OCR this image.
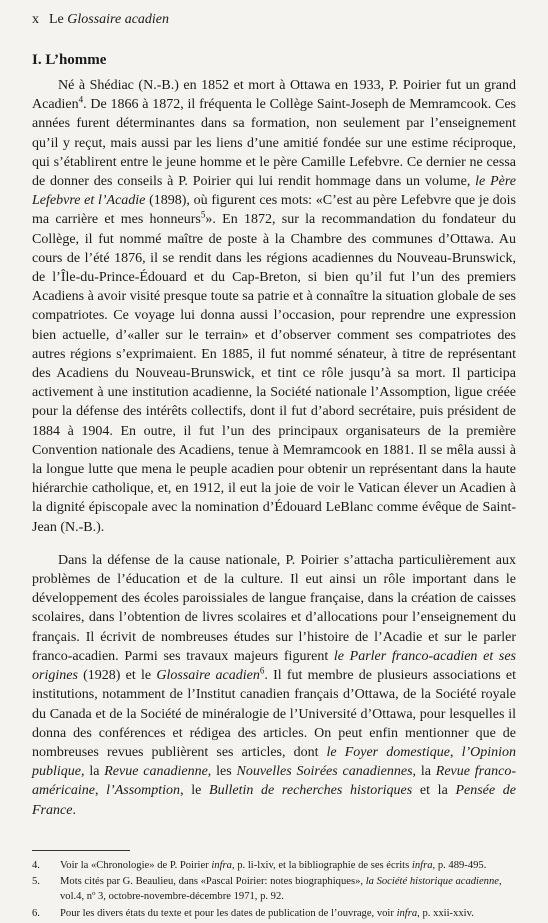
x Le Glossaire acadien
I. L’homme

Né à Shédiac (N.-B.) en 1852 et mort à Ottawa en 1933, P. Poirier fut un grand Acadien$^4$. De 1866 à 1872, il fréquenta le Collège Saint-Joseph de Memramcook. Ces années furent déterminantes dans sa formation, non seulement par l’enseignement qu’il y reçut, mais aussi par les liens d’une amitié fondée sur une estime réciproque, qui s’établirent entre le jeune homme et le père Camille Lefebvre. Ce dernier ne cessa de donner des conseils à P. Poirier qui lui rendit hommage dans un volume, le Père Lefebvre et l’Acadie (1898), où figurent ces mots: «C’est au père Lefebvre que je dois ma carrière et mes honneurs$^5$». En 1872, sur la recommandation du fondateur du Collège, il fut nommé maître de poste à la Chambre des communes d’Ottawa. Au cours de l’été 1876, il se rendit dans les régions acadiennes du Nouveau-Brunswick, de l’Île-du-Prince-Édouard et du Cap-Breton, si bien qu’il fut l’un des premiers Acadiens à avoir visité presque toute sa patrie et à connaître la situation globale de ses compatriotes. Ce voyage lui donna aussi l’occasion, pour reprendre une expression bien actuelle, d’«aller sur le terrain» et d’observer comment ses compatriotes des autres régions s’exprimaient. En 1885, il fut nommé sénateur, à titre de représentant des Acadiens du Nouveau-Brunswick, et tint ce rôle jusqu’à sa mort. Il participa activement à une institution acadienne, la Société nationale l’Assomption, ligue créée pour la défense des intérêts collectifs, dont il fut d’abord secrétaire, puis président de 1884 à 1904. En outre, il fut l’un des principaux organisateurs de la première Convention nationale des Acadiens, tenue à Memramcook en 1881. Il se mêla aussi à la longue lutte que mena le peuple acadien pour obtenir un représentant dans la haute hiérarchie catholique, et, en 1912, il eut la joie de voir le Vatican élever un Acadien à la dignité épiscopale avec la nomination d’Édouard LeBlanc comme évêque de Saint-Jean (N.-B.).

Dans la défense de la cause nationale, P. Poirier s’attacha particulièrement aux problèmes de l’éducation et de la culture. Il eut ainsi un rôle important dans le développement des écoles paroissiales de langue française, dans la création de caisses scolaires, dans l’obtention de livres scolaires et d’allocations pour l’enseignement du français. Il écrivit de nombreuses études sur l’histoire de l’Acadie et sur le parler franco-acadien. Parmi ses travaux majeurs figurent le Parler franco-acadien et ses origines (1928) et le Glossaire acadien$^6$. Il fut membre de plusieurs associations et institutions, notamment de l’Institut canadien français d’Ottawa, de la Société royale du Canada et de la Société de minéralogie de l’Université d’Ottawa, pour lesquelles il donna des conférences et rédigea des articles. On peut enfin mentionner que de nombreuses revues publièrent ses articles, dont le Foyer domestique, l’Opinion publique, la Revue canadienne, les Nouvelles Soirées canadiennes, la Revue franco-américaine, l’Assomption, le Bulletin de recherches historiques et la Pensée de France.

4.	Voir la «Chronologie» de P. Poirier infra, p. li-lxiv, et la bibliographie de ses écrits infra, p. 489-495.
5.	Mots cités par G. Beaulieu, dans «Pascal Poirier: notes biographiques», la Société historique acadienne, vol.4, nº 3, octobre-novembre-décembre 1971, p. 92.
6.	Pour les divers états du texte et pour les dates de publication de l’ouvrage, voir infra, p. xxii-xxiv.
